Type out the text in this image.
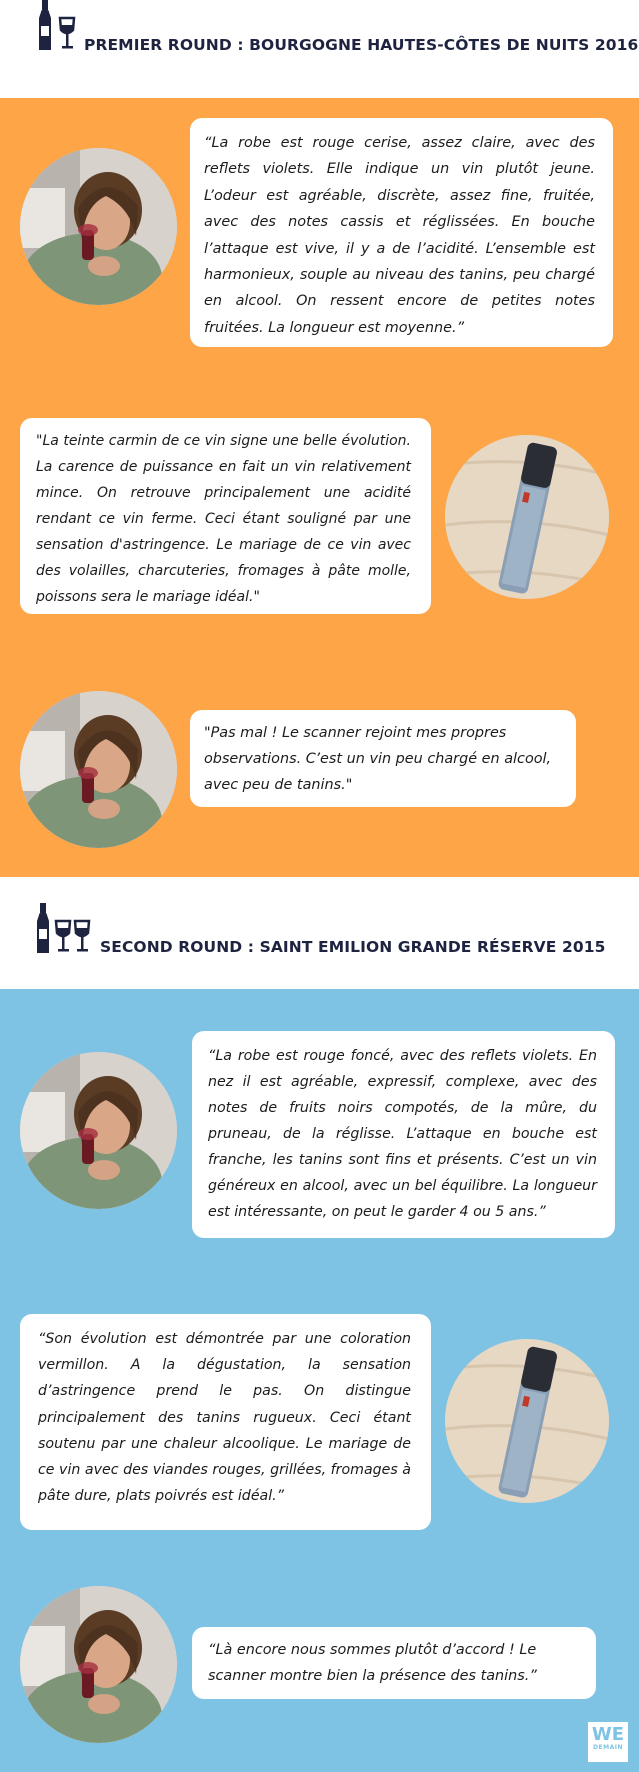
PREMIER ROUND : BOURGOGNE HAUTES-CÔTES DE NUITS 2016
“La robe est rouge cerise, assez claire, avec des reflets violets. Elle indique un vin plutôt jeune. L’odeur est agréable, discrète, assez fine, fruitée, avec des notes cassis et réglissées. En bouche l’attaque est vive, il y a de l’acidité. L’ensemble est harmonieux, souple au niveau des tanins, peu chargé en alcool. On ressent encore de petites notes fruitées. La longueur est moyenne.”
"La teinte carmin de ce vin signe une belle évolution. La carence de puissance en fait un vin relativement mince. On retrouve principalement une acidité rendant ce vin ferme. Ceci étant souligné par une sensation d'astringence. Le mariage de ce vin avec des volailles, charcuteries, fromages à pâte molle, poissons sera le mariage idéal."
"Pas mal ! Le scanner rejoint mes propres observations. C’est un vin peu chargé en alcool, avec peu de tanins."
SECOND ROUND : SAINT EMILION GRANDE RÉSERVE 2015
“La robe est rouge foncé, avec des reflets violets. En nez il est agréable, expressif, complexe, avec des notes de fruits noirs compotés, de la mûre, du pruneau, de la réglisse. L’attaque en bouche est franche, les tanins sont fins et présents. C’est un vin généreux en alcool, avec un bel équilibre. La longueur est intéressante, on peut le garder 4 ou 5 ans.”
“Son évolution est démontrée par une coloration vermillon. A la dégustation, la sensation d’astringence prend le pas. On distingue principalement des tanins rugueux. Ceci étant soutenu par une chaleur alcoolique. Le mariage de ce vin avec des viandes rouges, grillées, fromages à pâte dure, plats poivrés est idéal.”
“Là encore nous sommes plutôt d’accord ! Le scanner montre bien la présence des tanins.”
WE
DEMAIN
